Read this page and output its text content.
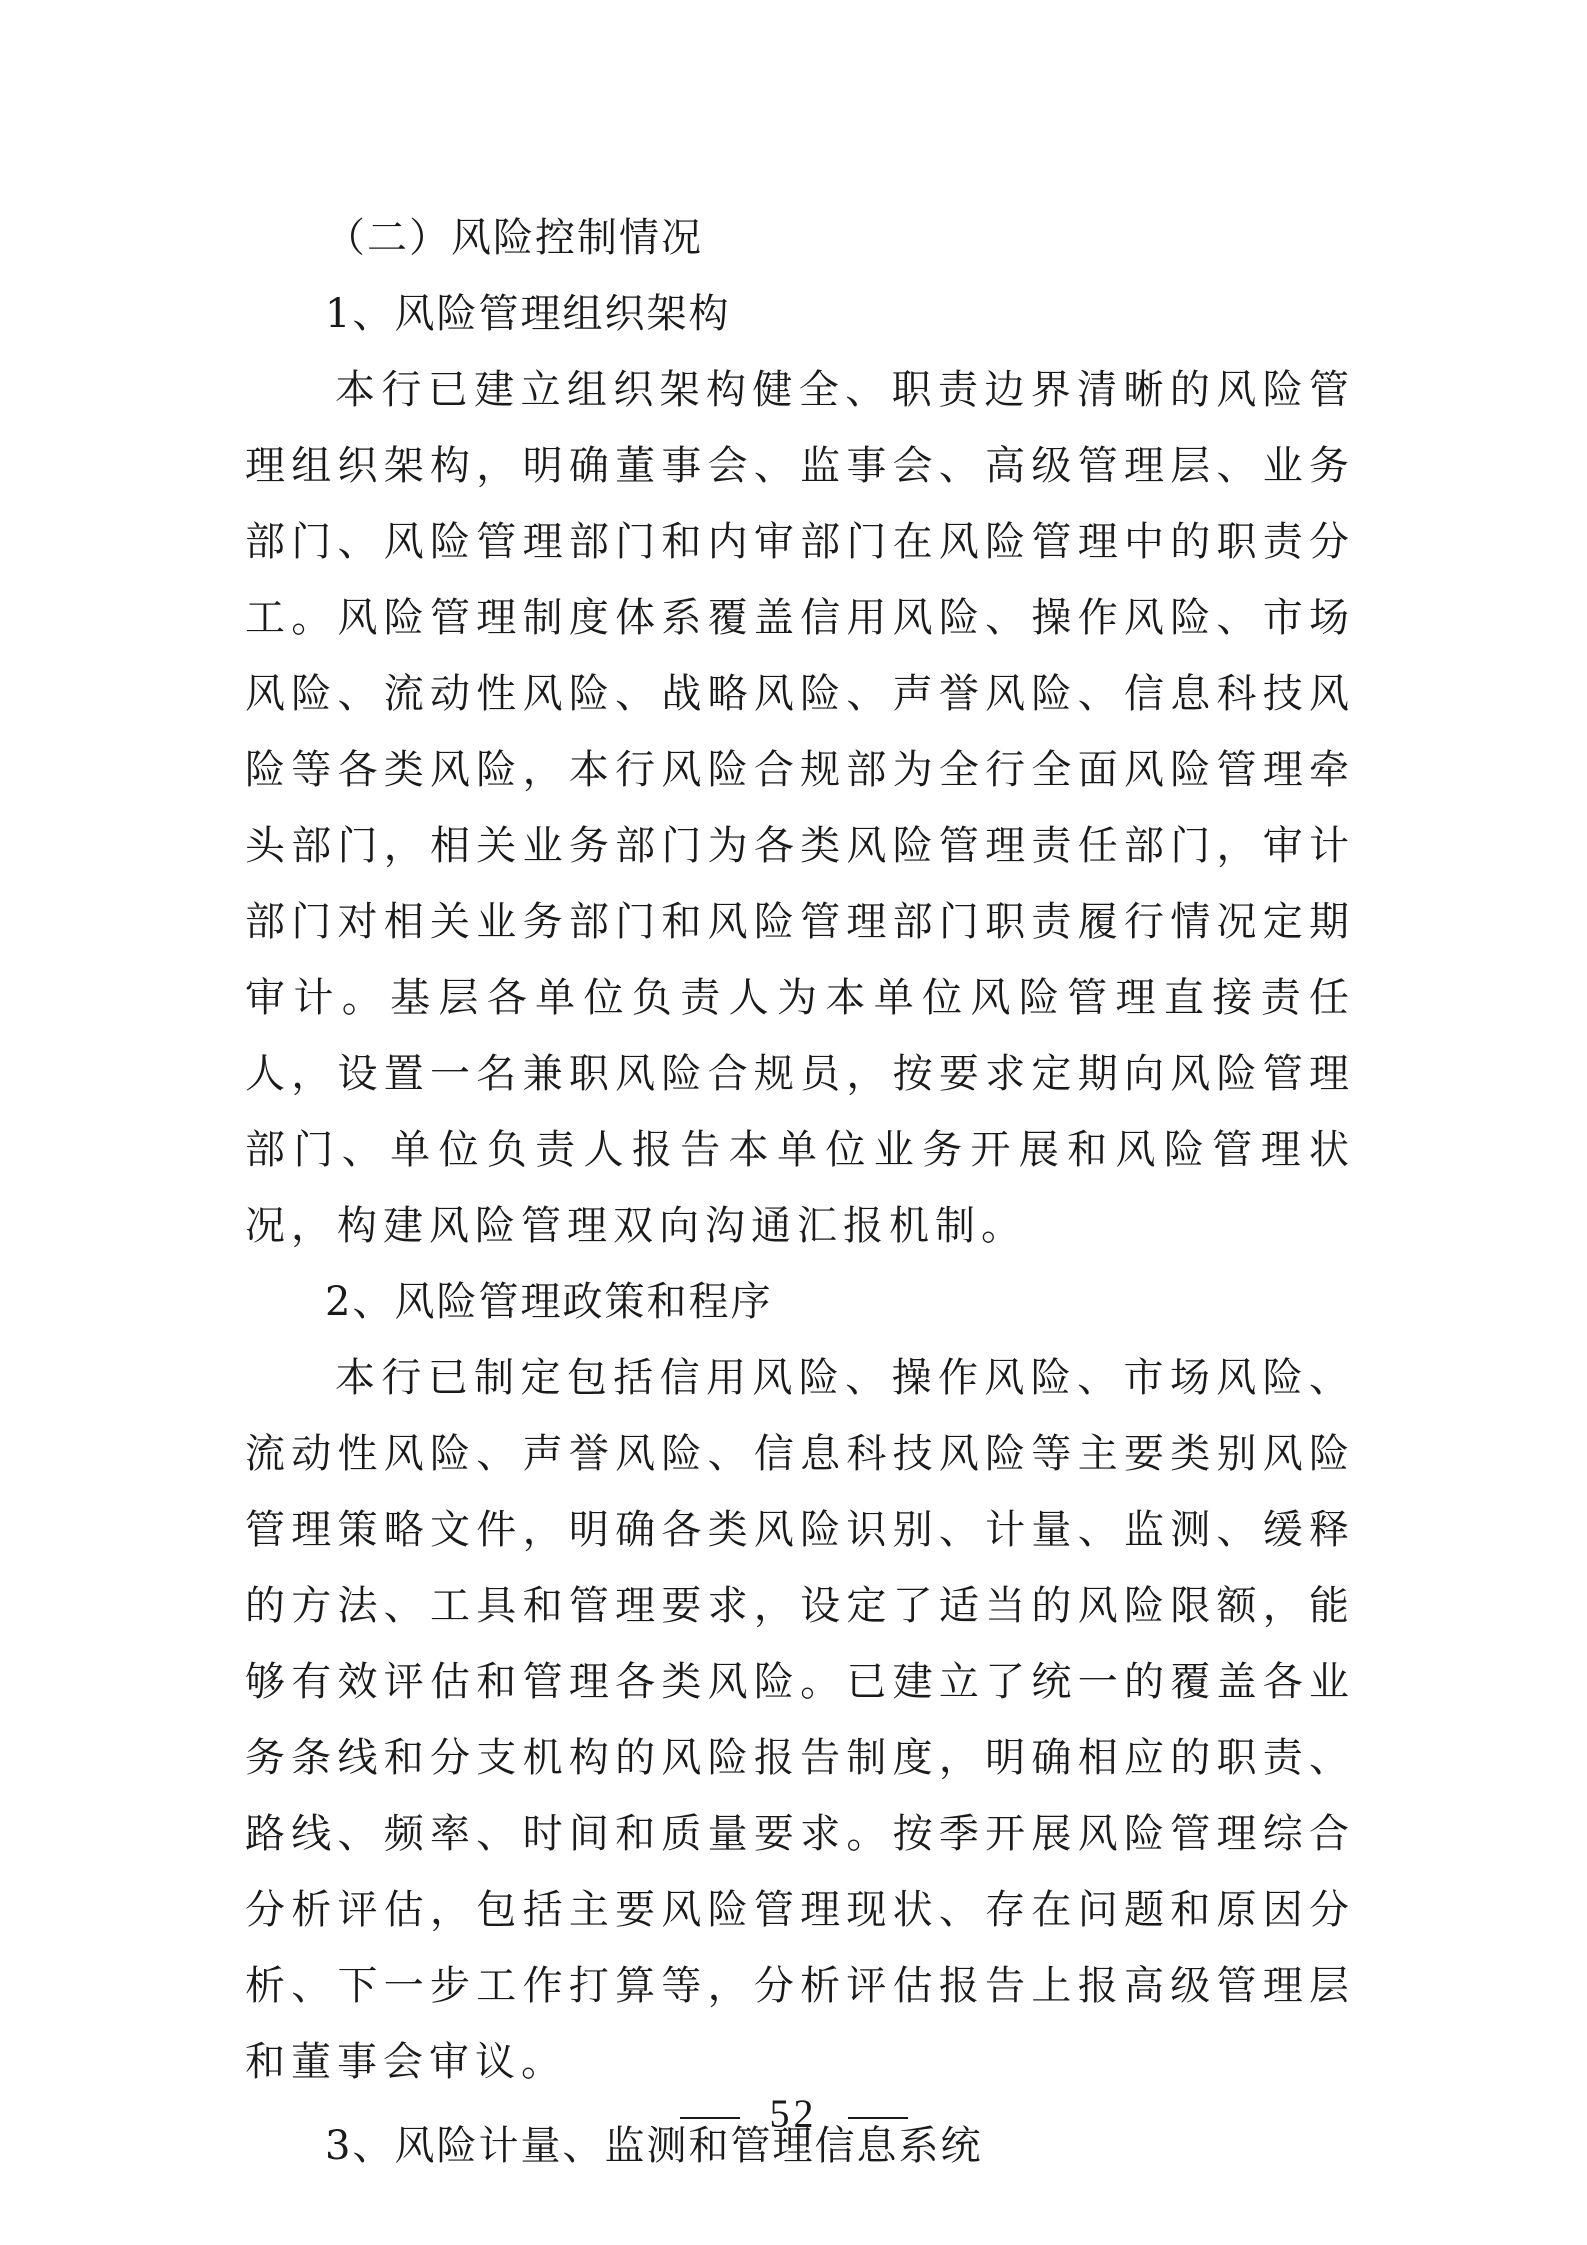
（二）风险控制情况
1、风险管理组织架构

本行已建立组织架构健全、职责边界清晰的风险管理组织架构，明确董事会、监事会、高级管理层、业务部门、风险管理部门和内审部门在风险管理中的职责分工。风险管理制度体系覆盖信用风险、操作风险、市场风险、流动性风险、战略风险、声誉风险、信息科技风险等各类风险，本行风险合规部为全行全面风险管理牵头部门，相关业务部门为各类风险管理责任部门，审计部门对相关业务部门和风险管理部门职责履行情况定期审计。基层各单位负责人为本单位风险管理直接责任人，设置一名兼职风险合规员，按要求定期向风险管理部门、单位负责人报告本单位业务开展和风险管理状况，构建风险管理双向沟通汇报机制。

2、风险管理政策和程序

本行已制定包括信用风险、操作风险、市场风险、流动性风险、声誉风险、信息科技风险等主要类别风险管理策略文件，明确各类风险识别、计量、监测、缓释的方法、工具和管理要求，设定了适当的风险限额，能够有效评估和管理各类风险。已建立了统一的覆盖各业务条线和分支机构的风险报告制度，明确相应的职责、路线、频率、时间和质量要求。按季开展风险管理综合分析评估，包括主要风险管理现状、存在问题和原因分析、下一步工作打算等，分析评估报告上报高级管理层和董事会审议。

3、风险计量、监测和管理信息系统
52
